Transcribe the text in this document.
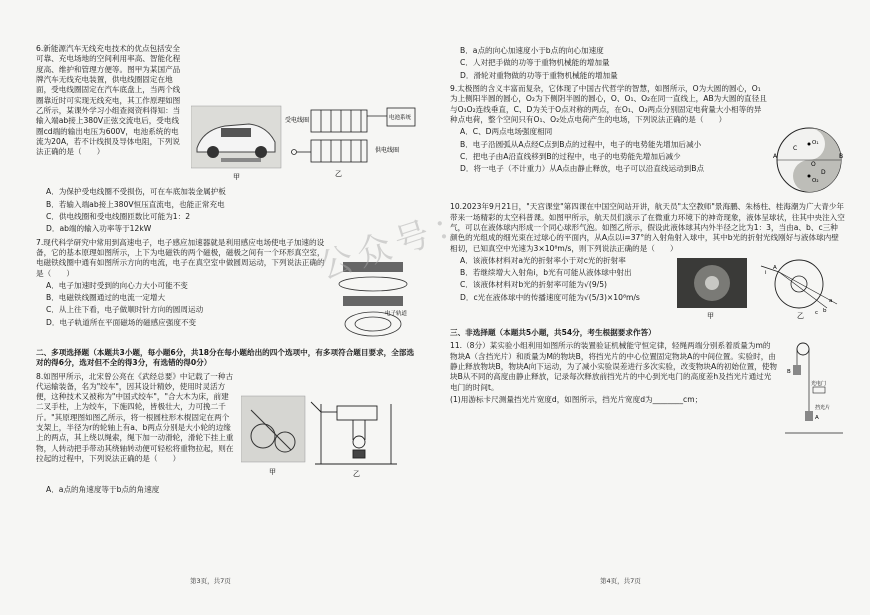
甲
受电线圈
供电线圈
电池系统
乙

6.新能源汽车无线充电技术的优点包括安全可靠、充电场地的空间利用率高、智能化程度高、维护和管理方便等。图甲为某国产品牌汽车无线充电装置，供电线圈固定在地面，受电线圈固定在汽车底盘上，当两个线圈靠近时可实现无线充电，其工作原理如图乙所示，某课外学习小组查阅资料得知：当输入端ab接上380V正弦交流电后，受电线圈cd端的输出电压为600V，电池系统的电流为20A，若不计线损及导体电阻，下列说法正确的是（　　）

A．为保护受电线圈不受损伤，可在车底加装金属护板

B．若输入端ab接上380V恒压直流电，也能正常充电

C．供电线圈和受电线圈匝数比可能为1：2

D．ab端的输入功率等于12kW

电子轨道

7.现代科学研究中常用到高速电子，电子感应加速器就是利用感应电场使电子加速的设备，它的基本原理如图所示，上下为电磁铁的两个磁极，磁极之间有一个环形真空室，电磁铁线圈中通有如图所示方向的电流，电子在真空室中做圆周运动，下列说法正确的是（　　）

A．电子加速时受到的向心力大小可能不变

B．电磁铁线圈通过的电流一定增大

C．从上往下看，电子做顺时针方向的圆周运动

D．电子轨道所在平面磁场的磁感应强度不变

二、多项选择题（本题共3小题，每小题6分，共18分在每小题给出的四个选项中，有多项符合题目要求，全部选对的得6分，选对但不全的得3分，有选错的得0分）

甲	乙

8.如图甲所示，北宋曾公亮在《武经总要》中记载了一种古代运输装备，名为"绞车"，因其设计精妙，使用时灵活方便，这种技术又被称为"中国式绞车"，"合大木为床，前建二叉手柱，上为绞车，下施四轮，皆极壮大，力可挽二千斤。"其原理图如图乙所示，将一根圆柱形木棍固定在两个支架上，半径为r的轮轴上有a、b两点分别是大小轮的边缘上的两点，其上绕以绳索，绳下加一动滑轮，滑轮下挂上重物，人转动把手带动其绕轴转动便可轻松将重物拉起，则在拉起的过程中，下列说法正确的是（　　）

A．a点的角速度等于b点的角速度

第3页，共7页
公众号：

B．a点的向心加速度小于b点的向心加速度

C．人对把手做的功等于重物机械能的增加量

D．滑轮对重物做的功等于重物机械能的增加量

A	B
C
D
O
O₁
O₂

9.太极图的含义丰富而复杂，它体现了中国古代哲学的智慧，如图所示，O为大圆的圆心，O₁为上侧阳半圆的圆心，O₂为下侧阴半圆的圆心，O、O₁、O₂在同一直线上，AB为大圆的直径且与O₁O₂连线垂直，C、D为关于O点对称的两点，在O₁、O₂两点分别固定电荷量大小相等的异种点电荷，整个空间只有O₁、O₂处点电荷产生的电场，下列说法正确的是（　　）

A．C、D两点电场强度相同

B．电子沿圆弧从A点经C点到B点的过程中，电子的电势能先增加后减小

C．把电子由A沿直线移到B的过程中，电子的电势能先增加后减少

D．将一电子（不计重力）从A点由静止释放，电子可以沿直线运动到B点

10.2023年9月21日，"天宫课堂"第四课在中国空间站开讲，航天员"太空教师"景海鹏、朱杨柱、桂海潮为广大青少年带来一场精彩的太空科普课。如图甲所示，航天员们演示了在微重力环境下的神奇现象，液体呈球状，往其中央注入空气，可以在液体球内形成一个同心球形气泡。如图乙所示，假设此液体球其内外半径之比为1：3，当由a、b、c三种颜色的光组成的细光束在过球心的平面内，从A点以i=37°的入射角射入球中，其中b光的折射光线刚好与液体球内壁相切，已知真空中光速为3×10⁸m/s，则下列说法正确的是（　　）

甲
A
i
a
b
c
乙

A．该液体材料对a光的折射率小于对c光的折射率

B．若继续增大入射角i，b光有可能从液体球中射出

C．该液体材料对b光的折射率可能为√(9/5)

D．c光在液体球中的传播速度可能为√(5/3)×10⁸m/s

三、非选择题（本题共5小题，共54分，考生根据要求作答）

B
A
光电门
挡光片

11.（8分）某实验小组利用如图所示的装置验证机械能守恒定律，轻绳两端分别系着质量为m的物块A（含挡光片）和质量为M的物块B，将挡光片的中心位置固定物块A的中间位置。实验时，由静止释放物块B，物块A向下运动，为了减小实验误差进行多次实验，改变物块A的初始位置，使物块B从不同的高度由静止释放，记录每次释放前挡光片的中心到光电门的高度差h及挡光片通过光电门的时间t。

(1)用游标卡尺测量挡光片宽度d，如图所示，挡光片宽度d为________cm；

第4页，共7页
